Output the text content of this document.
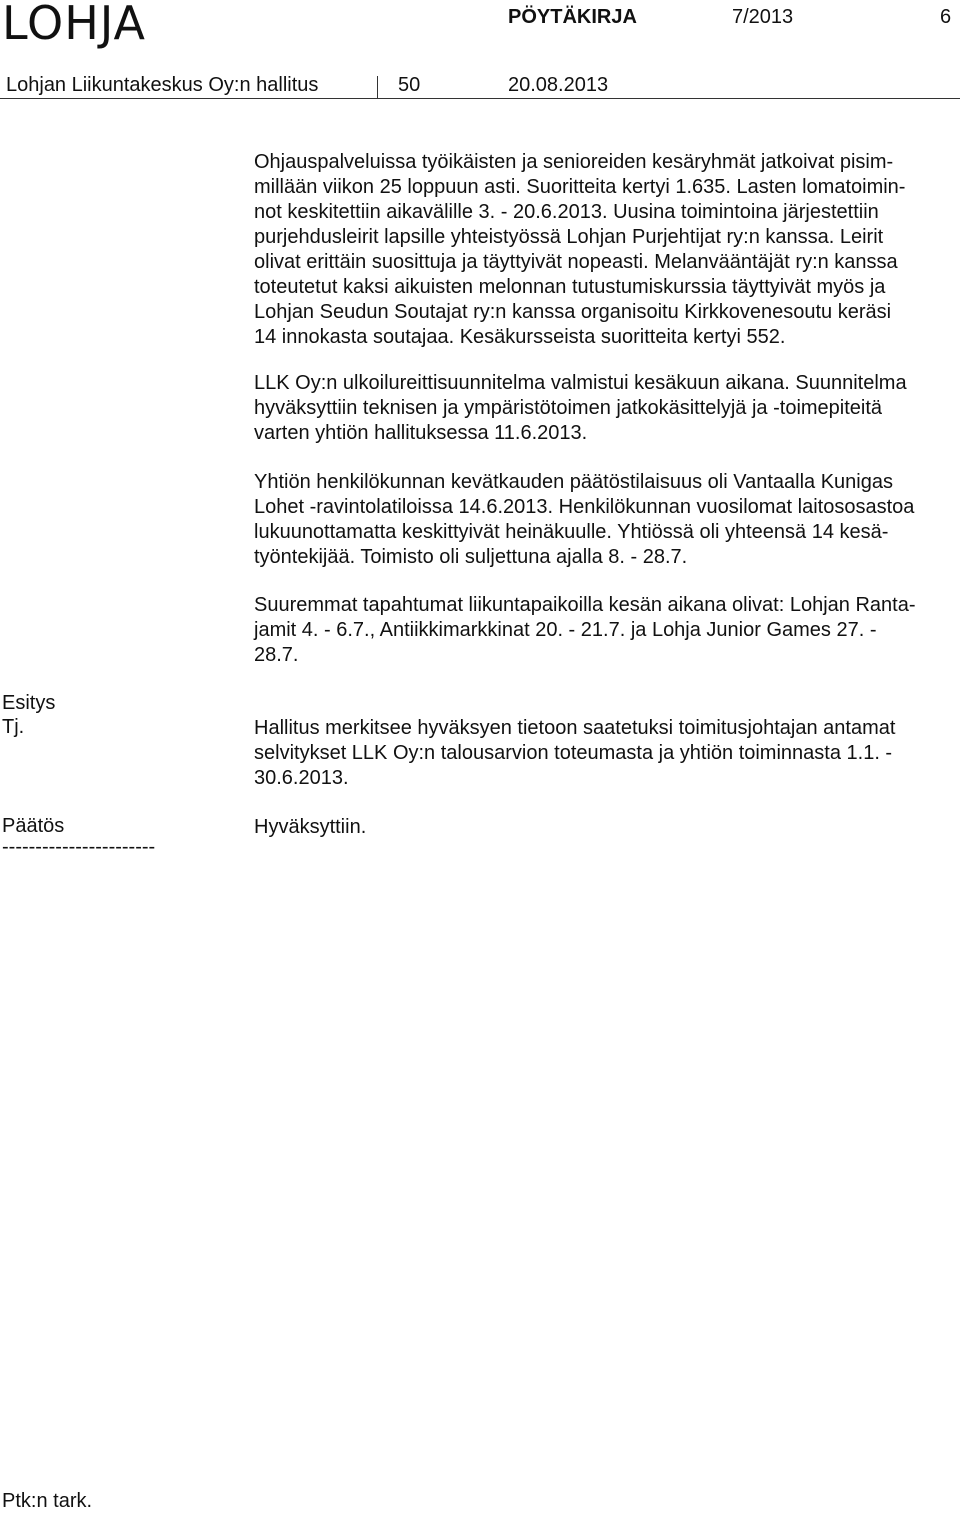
LOHJA	PÖYTÄKIRJA	7/2013	6
Lohjan Liikuntakeskus Oy:n hallitus	50	20.08.2013
Ohjauspalveluissa työikäisten ja senioreiden kesäryhmät jatkoivat pisim-
millään viikon 25 loppuun asti. Suoritteita kertyi 1.635. Lasten lomatoimin-
not keskitettiin aikavälille 3. - 20.6.2013. Uusina toimintoina järjestettiin
purjehdusleirit lapsille yhteistyössä Lohjan Purjehtijat ry:n kanssa. Leirit
olivat erittäin suosittuja ja täyttyivät nopeasti. Melanvääntäjät ry:n kanssa
toteutetut kaksi aikuisten melonnan tutustumiskurssia täyttyivät myös ja
Lohjan Seudun Soutajat ry:n kanssa organisoitu Kirkkovenesoutu keräsi
14 innokasta soutajaa. Kesäkursseista suoritteita kertyi 552.
LLK Oy:n ulkoilureittisuunnitelma valmistui kesäkuun aikana. Suunnitelma
hyväksyttiin teknisen ja ympäristötoimen jatkokäsittelyjä ja -toimepiteitä
varten yhtiön hallituksessa 11.6.2013.
Yhtiön henkilökunnan kevätkauden päätöstilaisuus oli Vantaalla Kunigas
Lohet -ravintolatiloissa 14.6.2013. Henkilökunnan vuosilomat laitososastoa
lukuunottamatta keskittyivät heinäkuulle. Yhtiössä oli yhteensä 14 kesä-
työntekijää. Toimisto oli suljettuna ajalla 8. - 28.7.
Suuremmat tapahtumat liikuntapaikoilla kesän aikana olivat: Lohjan Ranta-
jamit 4. - 6.7., Antiikkimarkkinat 20. - 21.7. ja Lohja Junior Games 27. -
28.7.
Esitys
Tj.	Hallitus merkitsee hyväksyen tietoon saatetuksi toimitusjohtajan antamat
selvitykset LLK Oy:n talousarvion toteumasta ja yhtiön toiminnasta 1.1. -
30.6.2013.
Päätös
-----------------------
Hyväksyttiin.
Ptk:n tark.
